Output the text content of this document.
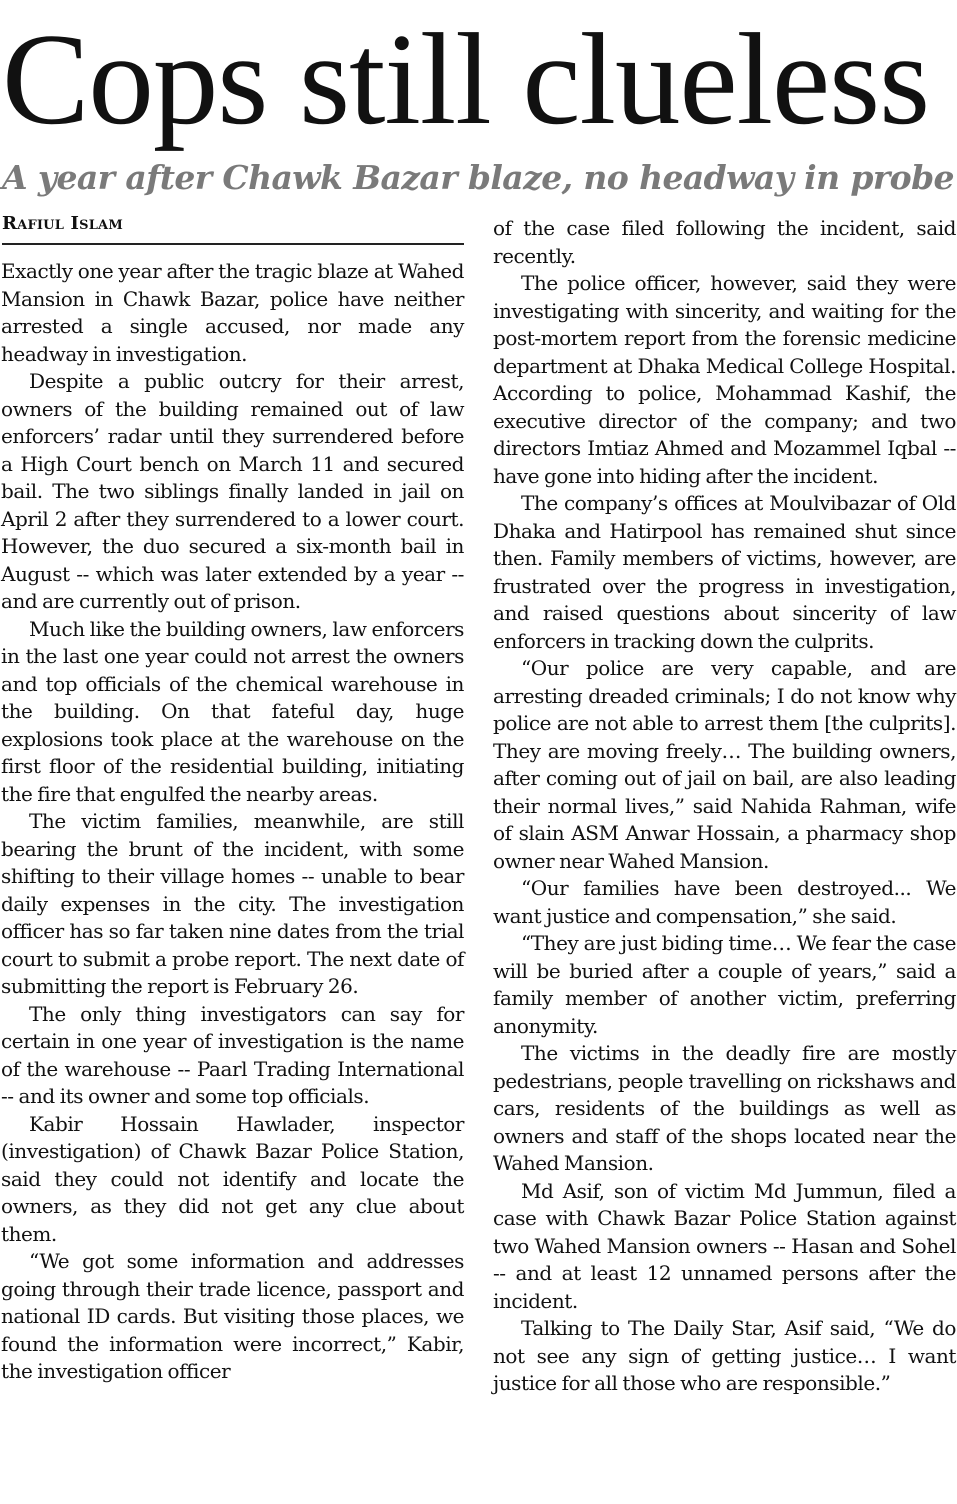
Cops still clueless
A year after Chawk Bazar blaze, no headway in probe
Rafiul Islam

Exactly one year after the tragic blaze at Wahed Mansion in Chawk Bazar, police have neither arrested a single accused, nor made any headway in investigation.

Despite a public outcry for their arrest, owners of the building remained out of law enforcers’ radar until they surrendered before a High Court bench on March 11 and secured bail. The two siblings finally landed in jail on April 2 after they surrendered to a lower court. However, the duo secured a six-month bail in August -- which was later extended by a year -- and are currently out of prison.

Much like the building owners, law enforcers in the last one year could not arrest the owners and top officials of the chemical warehouse in the building. On that fateful day, huge explosions took place at the warehouse on the first floor of the residential building, initiating the fire that engulfed the nearby areas.

The victim families, meanwhile, are still bearing the brunt of the incident, with some shifting to their village homes -- unable to bear daily expenses in the city. The investigation officer has so far taken nine dates from the trial court to submit a probe report. The next date of submitting the report is February 26.

The only thing investigators can say for certain in one year of investigation is the name of the warehouse -- Paarl Trading International -- and its owner and some top officials.

Kabir Hossain Hawlader, inspector (investigation) of Chawk Bazar Police Station, said they could not identify and locate the owners, as they did not get any clue about them.

“We got some information and addresses going through their trade licence, passport and national ID cards. But visiting those places, we found the information were incorrect,” Kabir, the investigation officer

of the case filed following the incident, said recently.

The police officer, however, said they were investigating with sincerity, and waiting for the post-mortem report from the forensic medicine department at Dhaka Medical College Hospital. According to police, Mohammad Kashif, the executive director of the company; and two directors Imtiaz Ahmed and Mozammel Iqbal -- have gone into hiding after the incident.

The company’s offices at Moulvibazar of Old Dhaka and Hatirpool has remained shut since then. Family members of victims, however, are frustrated over the progress in investigation, and raised questions about sincerity of law enforcers in tracking down the culprits.

“Our police are very capable, and are arresting dreaded criminals; I do not know why police are not able to arrest them [the culprits]. They are moving freely… The building owners, after coming out of jail on bail, are also leading their normal lives,” said Nahida Rahman, wife of slain ASM Anwar Hossain, a pharmacy shop owner near Wahed Mansion.

“Our families have been destroyed... We want justice and compensation,” she said.

“They are just biding time… We fear the case will be buried after a couple of years,” said a family member of another victim, preferring anonymity.

The victims in the deadly fire are mostly pedestrians, people travelling on rickshaws and cars, residents of the buildings as well as owners and staff of the shops located near the Wahed Mansion.

Md Asif, son of victim Md Jummun, filed a case with Chawk Bazar Police Station against two Wahed Mansion owners -- Hasan and Sohel -- and at least 12 unnamed persons after the incident.

Talking to The Daily Star, Asif said, “We do not see any sign of getting justice… I want justice for all those who are responsible.”
